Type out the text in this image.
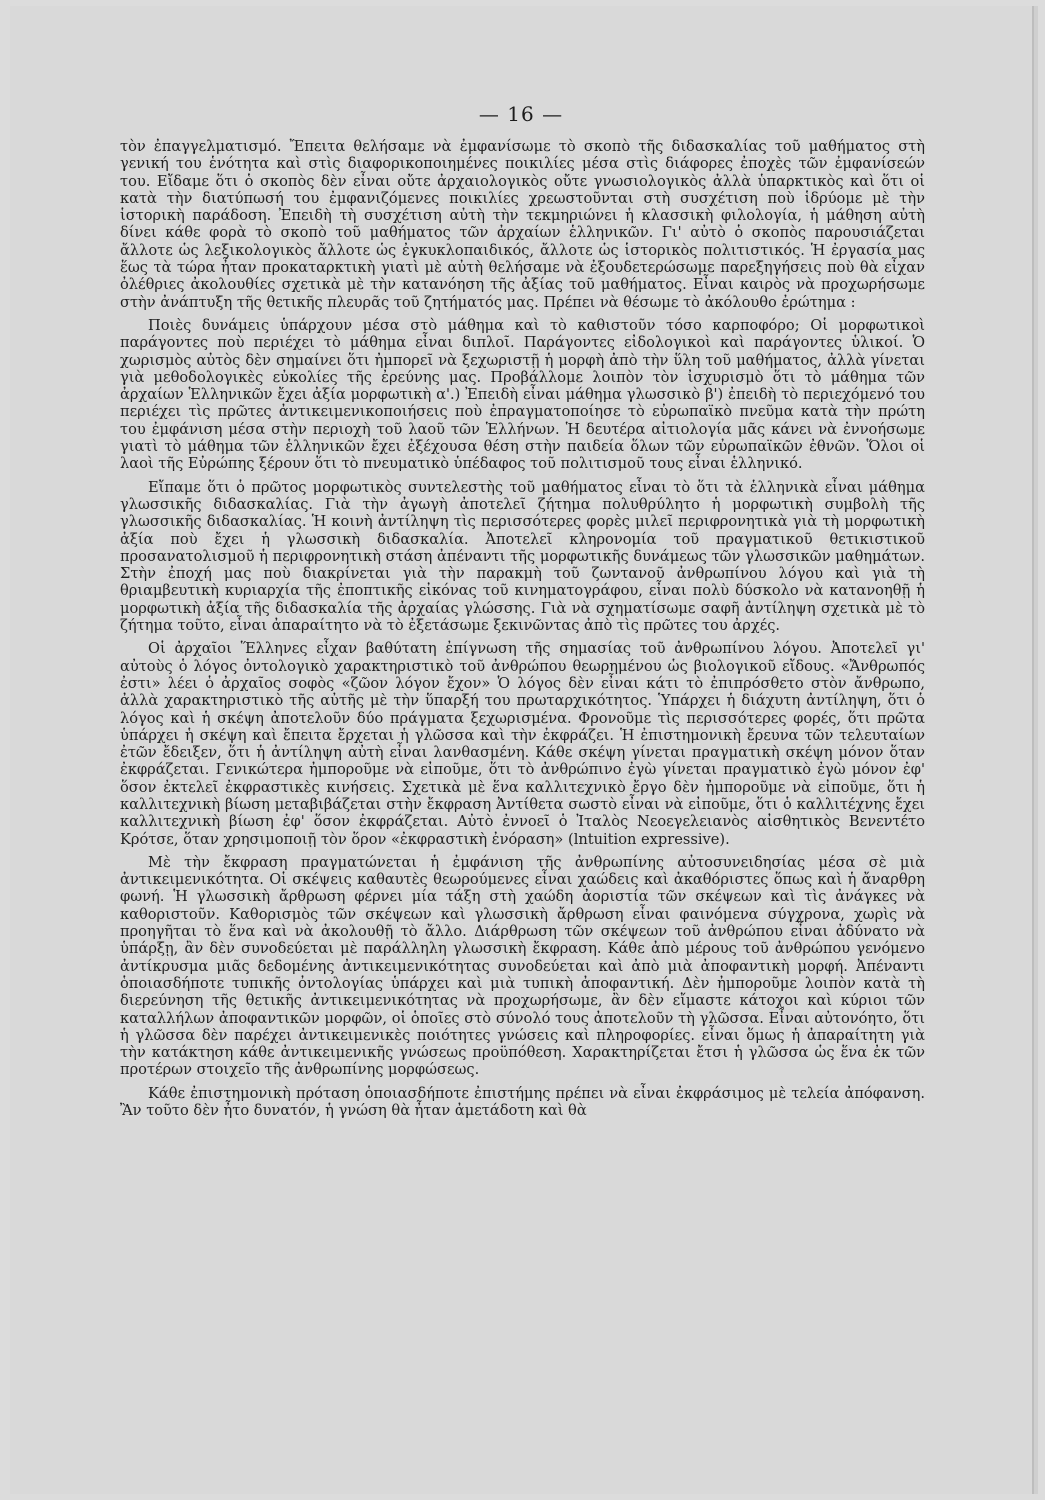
— 16 —

τὸν ἐπαγγελματισμό. Ἔπειτα θελήσαμε νὰ ἐμφανίσωμε τὸ σκοπὸ τῆς διδασκαλίας τοῦ μαθήματος στὴ γενική του ἑνότητα καὶ στὶς διαφορικοποιημένες ποικιλίες μέσα στὶς διάφορες ἐποχὲς τῶν ἐμφανίσεών του. Εἴδαμε ὅτι ὁ σκοπὸς δὲν εἶναι οὔτε ἀρχαιολογικὸς οὔτε γνωσιολογικὸς ἀλλὰ ὑπαρκτικὸς καὶ ὅτι οἱ κατὰ τὴν διατύπωσή του ἐμφανιζόμενες ποικιλίες χρεωστοῦνται στὴ συσχέτιση ποὺ ἱδρύομε μὲ τὴν ἱστορικὴ παράδοση. Ἐπειδὴ τὴ συσχέτιση αὐτὴ τὴν τεκμηριώνει ἡ κλασσικὴ φιλολογία, ἡ μάθηση αὐτὴ δίνει κάθε φορὰ τὸ σκοπὸ τοῦ μαθήματος τῶν ἀρχαίων ἑλληνικῶν. Γι' αὐτὸ ὁ σκοπὸς παρουσιάζεται ἄλλοτε ὡς λεξικολογικὸς ἄλλοτε ὡς ἐγκυκλοπαιδικός, ἄλλοτε ὡς ἱστορικὸς πολιτιστικός. Ἡ ἐργασία μας ἕως τὰ τώρα ἦταν προκαταρκτικὴ γιατὶ μὲ αὐτὴ θελήσαμε νὰ ἐξουδετερώσωμε παρεξηγήσεις ποὺ θὰ εἶχαν ὀλέθριες ἀκολουθίες σχετικὰ μὲ τὴν κατανόηση τῆς ἀξίας τοῦ μαθήματος. Εἶναι καιρὸς νὰ προχωρήσωμε στὴν ἀνάπτυξη τῆς θετικῆς πλευρᾶς τοῦ ζητήματός μας. Πρέπει νὰ θέσωμε τὸ ἀκόλουθο ἐρώτημα :

Ποιὲς δυνάμεις ὑπάρχουν μέσα στὸ μάθημα καὶ τὸ καθιστοῦν τόσο καρποφόρο; Οἱ μορφωτικοὶ παράγοντες ποὺ περιέχει τὸ μάθημα εἶναι διπλοῖ. Παράγοντες εἰδολογικοὶ καὶ παράγοντες ὑλικοί. Ὁ χωρισμὸς αὐτὸς δὲν σημαίνει ὅτι ἠμπορεῖ νὰ ξεχωριστῇ ἡ μορφὴ ἀπὸ τὴν ὕλη τοῦ μαθήματος, ἀλλὰ γίνεται γιὰ μεθοδολογικὲς εὐκολίες τῆς ἐρεύνης μας. Προβάλλομε λοιπὸν τὸν ἰσχυρισμὸ ὅτι τὸ μάθημα τῶν ἀρχαίων Ἑλληνικῶν ἔχει ἀξία μορφωτικὴ α'.) Ἐπειδὴ εἶναι μάθημα γλωσσικὸ β') ἐπειδὴ τὸ περιεχόμενό του περιέχει τὶς πρῶτες ἀντικειμενικοποιήσεις ποὺ ἐπραγματοποίησε τὸ εὐρωπαϊκὸ πνεῦμα κατὰ τὴν πρώτη του ἐμφάνιση μέσα στὴν περιοχὴ τοῦ λαοῦ τῶν Ἑλλήνων. Ἡ δευτέρα αἰτιολογία μᾶς κάνει νὰ ἐννοήσωμε γιατὶ τὸ μάθημα τῶν ἑλληνικῶν ἔχει ἐξέχουσα θέση στὴν παιδεία ὅλων τῶν εὐρωπαϊκῶν ἐθνῶν. Ὅλοι οἱ λαοὶ τῆς Εὐρώπης ξέρουν ὅτι τὸ πνευματικὸ ὑπέδαφος τοῦ πολιτισμοῦ τους εἶναι ἑλληνικό.

Εἴπαμε ὅτι ὁ πρῶτος μορφωτικὸς συντελεστὴς τοῦ μαθήματος εἶναι τὸ ὅτι τὰ ἑλληνικὰ εἶναι μάθημα γλωσσικῆς διδασκαλίας. Γιὰ τὴν ἀγωγὴ ἀποτελεῖ ζήτημα πολυθρύλητο ἡ μορφωτικὴ συμβολὴ τῆς γλωσσικῆς διδασκαλίας. Ἡ κοινὴ ἀντίληψη τὶς περισσότερες φορὲς μιλεῖ περιφρονητικὰ γιὰ τὴ μορφωτικὴ ἀξία ποὺ ἔχει ἡ γλωσσικὴ διδασκαλία. Ἀποτελεῖ κληρονομία τοῦ πραγματικοῦ θετικιστικοῦ προσανατολισμοῦ ἡ περιφρονητικὴ στάση ἀπέναντι τῆς μορφωτικῆς δυνάμεως τῶν γλωσσικῶν μαθημάτων. Στὴν ἐποχή μας ποὺ διακρίνεται γιὰ τὴν παρακμὴ τοῦ ζωντανοῦ ἀνθρωπίνου λόγου καὶ γιὰ τὴ θριαμβευτικὴ κυριαρχία τῆς ἐποπτικῆς εἰκόνας τοῦ κινηματογράφου, εἶναι πολὺ δύσκολο νὰ κατανοηθῇ ἡ μορφωτικὴ ἀξία τῆς διδασκαλία τῆς ἀρχαίας γλώσσης. Γιὰ νὰ σχηματίσωμε σαφῆ ἀντίληψη σχετικὰ μὲ τὸ ζήτημα τοῦτο, εἶναι ἀπαραίτητο νὰ τὸ ἐξετάσωμε ξεκινῶντας ἀπὸ τὶς πρῶτες του ἀρχές.

Οἱ ἀρχαῖοι Ἕλληνες εἶχαν βαθύτατη ἐπίγνωση τῆς σημασίας τοῦ ἀνθρωπίνου λόγου. Ἀποτελεῖ γι' αὐτοὺς ὁ λόγος ὀντολογικὸ χαρακτηριστικὸ τοῦ ἀνθρώπου θεωρημένου ὡς βιολογικοῦ εἴδους. «Ἄνθρωπός ἐστι» λέει ὁ ἀρχαῖος σοφὸς «ζῶον λόγον ἔχον» Ὁ λόγος δὲν εἶναι κάτι τὸ ἐπιπρόσθετο στὸν ἄνθρωπο, ἀλλὰ χαρακτηριστικὸ τῆς αὐτῆς μὲ τὴν ὕπαρξή του πρωταρχικότητος. Ὑπάρχει ἡ διάχυτη ἀντίληψη, ὅτι ὁ λόγος καὶ ἡ σκέψη ἀποτελοῦν δύο πράγματα ξεχωρισμένα. Φρονοῦμε τὶς περισσότερες φορές, ὅτι πρῶτα ὑπάρχει ἡ σκέψη καὶ ἔπειτα ἔρχεται ἡ γλῶσσα καὶ τὴν ἐκφράζει. Ἡ ἐπιστημονικὴ ἔρευνα τῶν τελευταίων ἐτῶν ἔδειξεν, ὅτι ἡ ἀντίληψη αὐτὴ εἶναι λανθασμένη. Κάθε σκέψη γίνεται πραγματικὴ σκέψη μόνον ὅταν ἐκφράζεται. Γενικώτερα ἠμποροῦμε νὰ εἰποῦμε, ὅτι τὸ ἀνθρώπινο ἐγὼ γίνεται πραγματικὸ ἐγὼ μόνον ἐφ' ὅσον ἐκτελεῖ ἐκφραστικὲς κινήσεις. Σχετικὰ μὲ ἕνα καλλιτεχνικὸ ἔργο δὲν ἠμποροῦμε νὰ εἰποῦμε, ὅτι ἡ καλλιτεχνικὴ βίωση μεταβιβάζεται στὴν ἔκφραση Ἀντίθετα σωστὸ εἶναι νὰ εἰποῦμε, ὅτι ὁ καλλιτέχνης ἔχει καλλιτεχνικὴ βίωση ἐφ' ὅσον ἐκφράζεται. Αὐτὸ ἐννοεῖ ὁ Ἰταλὸς Νεοεγελειανὸς αἰσθητικὸς Βενεντέτο Κρότσε, ὅταν χρησιμοποιῇ τὸν ὅρον «ἐκφραστικὴ ἐνόραση» (lntuition expressive).

Μὲ τὴν ἔκφραση πραγματώνεται ἡ ἐμφάνιση τῆς ἀνθρωπίνης αὐτοσυνειδησίας μέσα σὲ μιὰ ἀντικειμενικότητα. Οἱ σκέψεις καθαυτὲς θεωρούμενες εἶναι χαώδεις καὶ ἀκαθόριστες ὅπως καὶ ἡ ἄναρθρη φωνή. Ἡ γλωσσικὴ ἄρθρωση φέρνει μία τάξη στὴ χαώδη ἀοριστία τῶν σκέψεων καὶ τὶς ἀνάγκες νὰ καθοριστοῦν. Καθορισμὸς τῶν σκέψεων καὶ γλωσσικὴ ἄρθρωση εἶναι φαινόμενα σύγχρονα, χωρὶς νὰ προηγῆται τὸ ἕνα καὶ νὰ ἀκολουθῇ τὸ ἄλλο. Διάρθρωση τῶν σκέψεων τοῦ ἀνθρώπου εἶναι ἀδύνατο νὰ ὑπάρξῃ, ἂν δὲν συνοδεύεται μὲ παράλληλη γλωσσικὴ ἔκφραση. Κάθε ἀπὸ μέρους τοῦ ἀνθρώπου γενόμενο ἀντίκρυσμα μιᾶς δεδομένης ἀντικειμενικότητας συνοδεύεται καὶ ἀπὸ μιὰ ἀποφαντικὴ μορφή. Ἀπέναντι ὁποιασδήποτε τυπικῆς ὀντολογίας ὑπάρχει καὶ μιὰ τυπικὴ ἀποφαντική. Δὲν ἠμποροῦμε λοιπὸν κατὰ τὴ διερεύνηση τῆς θετικῆς ἀντικειμενικότητας νὰ προχωρήσωμε, ἂν δὲν εἴμαστε κάτοχοι καὶ κύριοι τῶν καταλλήλων ἀποφαντικῶν μορφῶν, οἱ ὁποῖες στὸ σύνολό τους ἀποτελοῦν τὴ γλῶσσα. Εἶναι αὐτονόητο, ὅτι ἡ γλῶσσα δὲν παρέχει ἀντικειμενικὲς ποιότητες γνώσεις καὶ πληροφορίες. εἶναι ὅμως ἡ ἀπαραίτητη γιὰ τὴν κατάκτηση κάθε ἀντικειμενικῆς γνώσεως προϋπόθεση. Χαρακτηρίζεται ἔτσι ἡ γλῶσσα ὡς ἕνα ἐκ τῶν προτέρων στοιχεῖο τῆς ἀνθρωπίνης μορφώσεως.

Κάθε ἐπιστημονικὴ πρόταση ὁποιασδήποτε ἐπιστήμης πρέπει νὰ εἶναι ἐκφράσιμος μὲ τελεία ἀπόφανση. Ἂν τοῦτο δὲν ἦτο δυνατόν, ἡ γνώση θὰ ἦταν ἀμετάδοτη καὶ θὰ
